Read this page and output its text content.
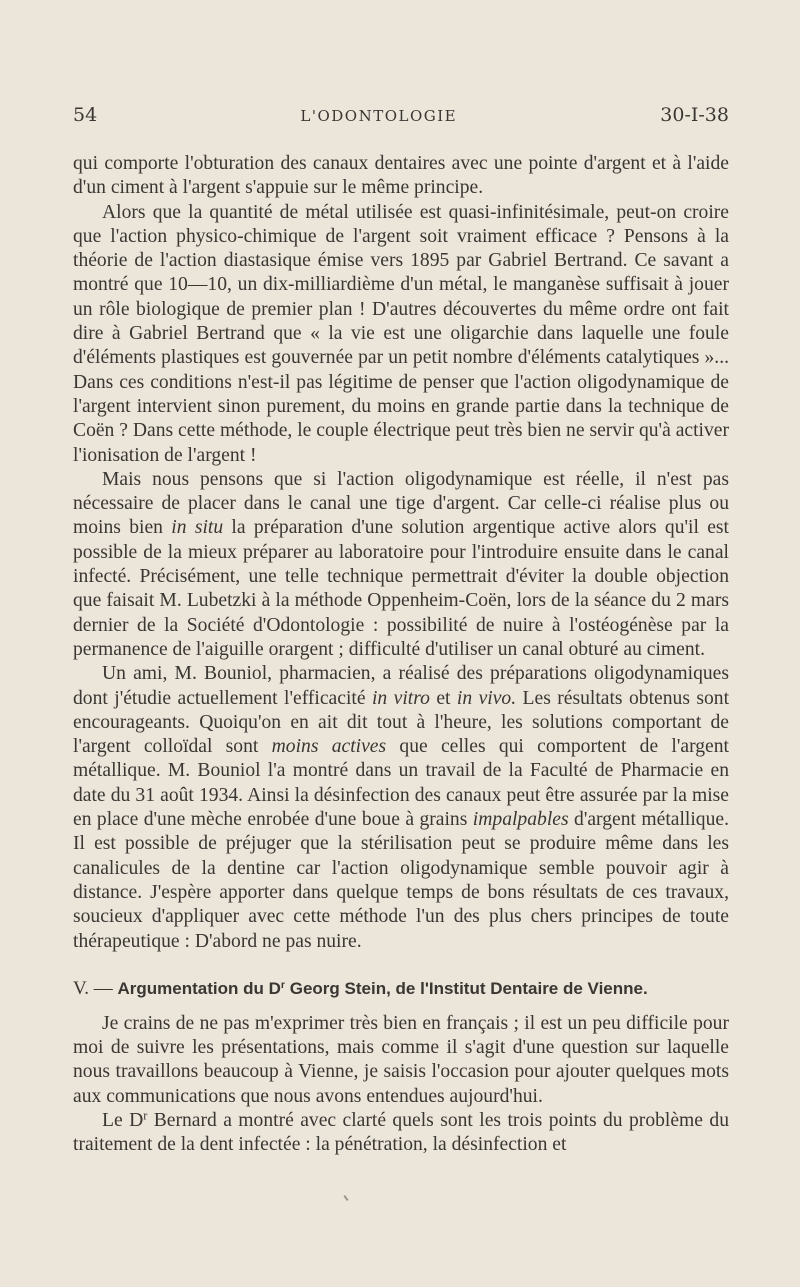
54	L'ODONTOLOGIE	30-I-38

qui comporte l'obturation des canaux dentaires avec une pointe d'argent et à l'aide d'un ciment à l'argent s'appuie sur le même principe.

Alors que la quantité de métal utilisée est quasi-infinitésimale, peut-on croire que l'action physico-chimique de l'argent soit vraiment efficace ? Pensons à la théorie de l'action diastasique émise vers 1895 par Gabriel Bertrand. Ce savant a montré que 10—10, un dix-milliardième d'un métal, le manganèse suffisait à jouer un rôle biologique de premier plan ! D'autres découvertes du même ordre ont fait dire à Gabriel Bertrand que « la vie est une oligarchie dans laquelle une foule d'éléments plastiques est gouvernée par un petit nombre d'éléments catalytiques »... Dans ces conditions n'est-il pas légitime de penser que l'action oligodynamique de l'argent intervient sinon purement, du moins en grande partie dans la technique de Coën ? Dans cette méthode, le couple électrique peut très bien ne servir qu'à activer l'ionisation de l'argent !

Mais nous pensons que si l'action oligodynamique est réelle, il n'est pas nécessaire de placer dans le canal une tige d'argent. Car celle-ci réalise plus ou moins bien in situ la préparation d'une solution argentique active alors qu'il est possible de la mieux préparer au laboratoire pour l'introduire ensuite dans le canal infecté. Précisément, une telle technique permettrait d'éviter la double objection que faisait M. Lubetzki à la méthode Oppenheim-Coën, lors de la séance du 2 mars dernier de la Société d'Odontologie : possibilité de nuire à l'ostéogénèse par la permanence de l'aiguille orargent ; difficulté d'utiliser un canal obturé au ciment.

Un ami, M. Bouniol, pharmacien, a réalisé des préparations oligodynamiques dont j'étudie actuellement l'efficacité in vitro et in vivo. Les résultats obtenus sont encourageants. Quoiqu'on en ait dit tout à l'heure, les solutions comportant de l'argent colloïdal sont moins actives que celles qui comportent de l'argent métallique. M. Bouniol l'a montré dans un travail de la Faculté de Pharmacie en date du 31 août 1934. Ainsi la désinfection des canaux peut être assurée par la mise en place d'une mèche enrobée d'une boue à grains impalpables d'argent métallique. Il est possible de préjuger que la stérilisation peut se produire même dans les canalicules de la dentine car l'action oligodynamique semble pouvoir agir à distance. J'espère apporter dans quelque temps de bons résultats de ces travaux, soucieux d'appliquer avec cette méthode l'un des plus chers principes de toute thérapeutique : D'abord ne pas nuire.

V. — Argumentation du $D^r$ Georg Stein, de l'Institut Dentaire de Vienne.

Je crains de ne pas m'exprimer très bien en français ; il est un peu difficile pour moi de suivre les présentations, mais comme il s'agit d'une question sur laquelle nous travaillons beaucoup à Vienne, je saisis l'occasion pour ajouter quelques mots aux communications que nous avons entendues aujourd'hui.

Le $D^r$ Bernard a montré avec clarté quels sont les trois points du problème du traitement de la dent infectée : la pénétration, la désinfection et
